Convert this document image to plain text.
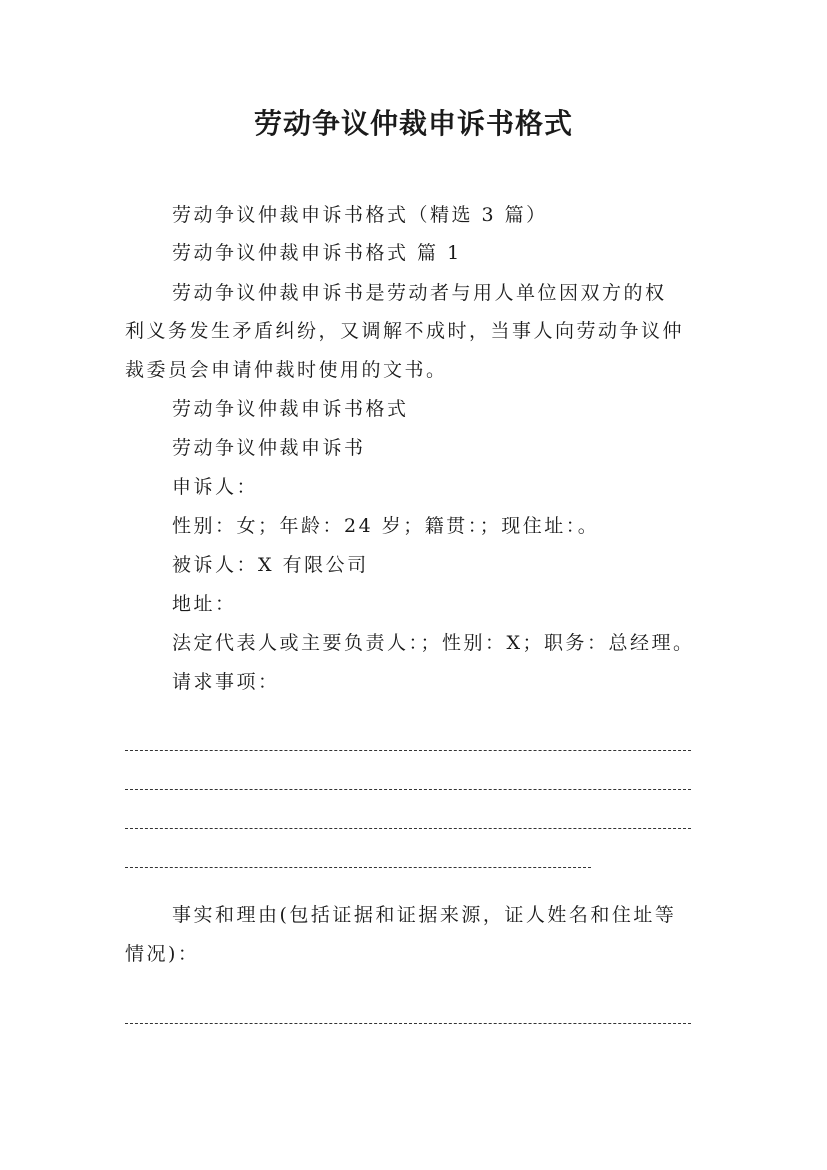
劳动争议仲裁申诉书格式
劳动争议仲裁申诉书格式（精选 3 篇）
劳动争议仲裁申诉书格式 篇 1
劳动争议仲裁申诉书是劳动者与用人单位因双方的权
利义务发生矛盾纠纷，又调解不成时，当事人向劳动争议仲
裁委员会申请仲裁时使用的文书。
劳动争议仲裁申诉书格式
劳动争议仲裁申诉书
申诉人：
性别：女；年龄：24 岁；籍贯：；现住址：。
被诉人：X 有限公司
地址：
法定代表人或主要负责人：；性别：X；职务：总经理。
请求事项：
事实和理由(包括证据和证据来源，证人姓名和住址等
情况)：
